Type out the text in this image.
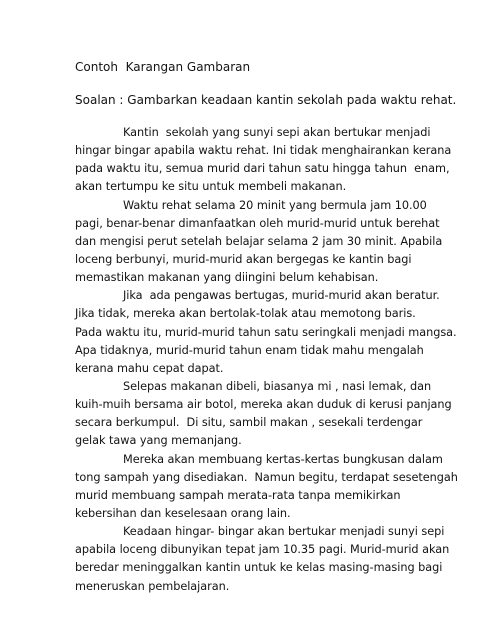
Contoh  Karangan Gambaran
Soalan : Gambarkan keadaan kantin sekolah pada waktu rehat.
Kantin  sekolah yang sunyi sepi akan bertukar menjadi
hingar bingar apabila waktu rehat. Ini tidak menghairankan kerana
pada waktu itu, semua murid dari tahun satu hingga tahun  enam,
akan tertumpu ke situ untuk membeli makanan.
Waktu rehat selama 20 minit yang bermula jam 10.00
pagi, benar-benar dimanfaatkan oleh murid-murid untuk berehat
dan mengisi perut setelah belajar selama 2 jam 30 minit. Apabila
loceng berbunyi, murid-murid akan bergegas ke kantin bagi
memastikan makanan yang diingini belum kehabisan.
Jika  ada pengawas bertugas, murid-murid akan beratur.
Jika tidak, mereka akan bertolak-tolak atau memotong baris.
Pada waktu itu, murid-murid tahun satu seringkali menjadi mangsa.
Apa tidaknya, murid-murid tahun enam tidak mahu mengalah
kerana mahu cepat dapat.
Selepas makanan dibeli, biasanya mi , nasi lemak, dan
kuih-muih bersama air botol, mereka akan duduk di kerusi panjang
secara berkumpul.  Di situ, sambil makan , sesekali terdengar
gelak tawa yang memanjang.
Mereka akan membuang kertas-kertas bungkusan dalam
tong sampah yang disediakan.  Namun begitu, terdapat sesetengah
murid membuang sampah merata-rata tanpa memikirkan
kebersihan dan keselesaan orang lain.
Keadaan hingar- bingar akan bertukar menjadi sunyi sepi
apabila loceng dibunyikan tepat jam 10.35 pagi. Murid-murid akan
beredar meninggalkan kantin untuk ke kelas masing-masing bagi
meneruskan pembelajaran.
